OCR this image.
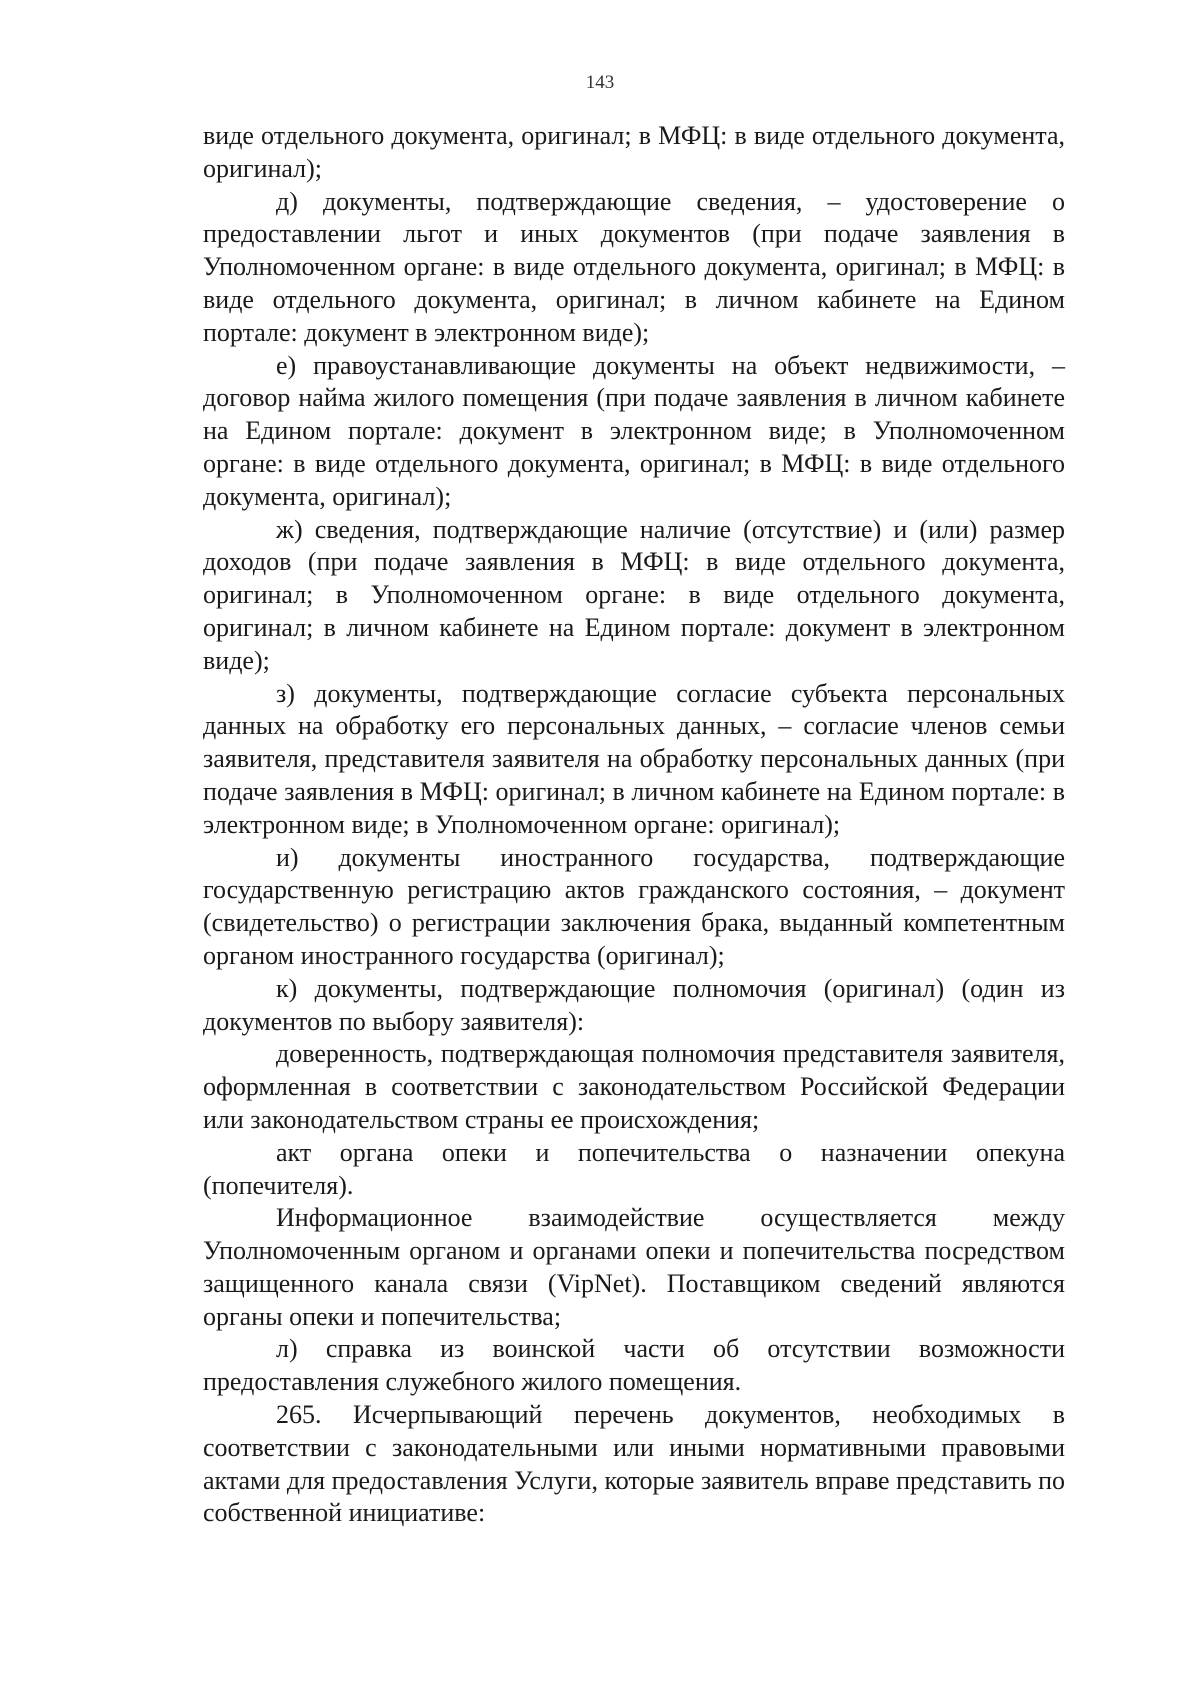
143

виде отдельного документа, оригинал; в МФЦ: в виде отдельного документа, оригинал);

д) документы, подтверждающие сведения, – удостоверение о предоставлении льгот и иных документов (при подаче заявления в Уполномоченном органе: в виде отдельного документа, оригинал; в МФЦ: в виде отдельного документа, оригинал; в личном кабинете на Едином портале: документ в электронном виде);

е) правоустанавливающие документы на объект недвижимости, – договор найма жилого помещения (при подаче заявления в личном кабинете на Едином портале: документ в электронном виде; в Уполномоченном органе: в виде отдельного документа, оригинал; в МФЦ: в виде отдельного документа, оригинал);

ж) сведения, подтверждающие наличие (отсутствие) и (или) размер доходов (при подаче заявления в МФЦ: в виде отдельного документа, оригинал; в Уполномоченном органе: в виде отдельного документа, оригинал; в личном кабинете на Едином портале: документ в электронном виде);

з) документы, подтверждающие согласие субъекта персональных данных на обработку его персональных данных, – согласие членов семьи заявителя, представителя заявителя на обработку персональных данных (при подаче заявления в МФЦ: оригинал; в личном кабинете на Едином портале: в электронном виде; в Уполномоченном органе: оригинал);

и) документы иностранного государства, подтверждающие государственную регистрацию актов гражданского состояния, – документ (свидетельство) о регистрации заключения брака, выданный компетентным органом иностранного государства (оригинал);

к) документы, подтверждающие полномочия (оригинал) (один из документов по выбору заявителя):

доверенность, подтверждающая полномочия представителя заявителя, оформленная в соответствии с законодательством Российской Федерации или законодательством страны ее происхождения;

акт органа опеки и попечительства о назначении опекуна (попечителя).

Информационное взаимодействие осуществляется между Уполномоченным органом и органами опеки и попечительства посредством защищенного канала связи (VipNet). Поставщиком сведений являются органы опеки и попечительства;

л) справка из воинской части об отсутствии возможности предоставления служебного жилого помещения.

265. Исчерпывающий перечень документов, необходимых в соответствии с законодательными или иными нормативными правовыми актами для предоставления Услуги, которые заявитель вправе представить по собственной инициативе:
